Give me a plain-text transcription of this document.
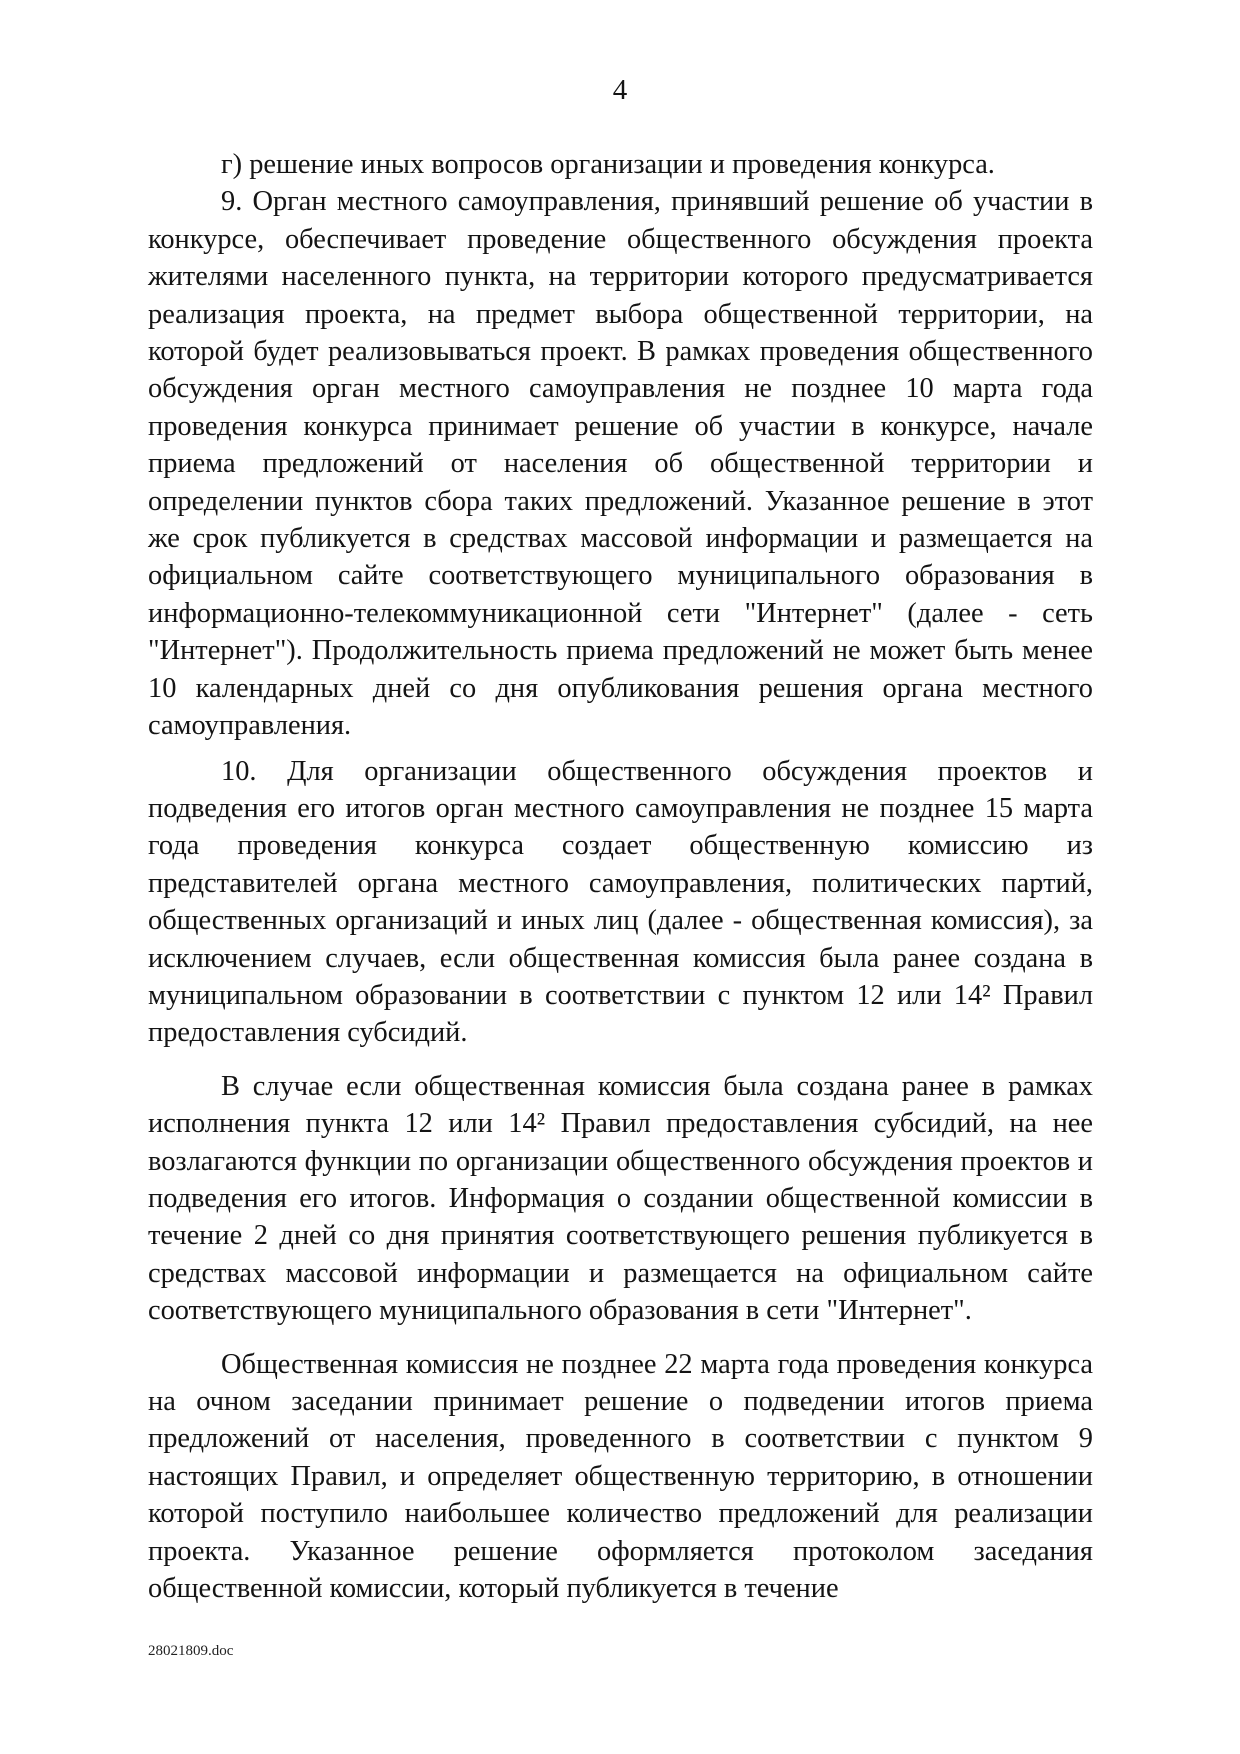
4

г) решение иных вопросов организации и проведения конкурса.

9. Орган местного самоуправления, принявший решение об участии в конкурсе, обеспечивает проведение общественного обсуждения проекта жителями населенного пункта, на территории которого предусматривается реализация проекта, на предмет выбора общественной территории, на которой будет реализовываться проект. В рамках проведения общественного обсуждения орган местного самоуправления не позднее 10 марта года проведения конкурса принимает решение об участии в конкурсе, начале приема предложений от населения об общественной территории и определении пунктов сбора таких предложений. Указанное решение в этот же срок публикуется в средствах массовой информации и размещается на официальном сайте соответствующего муниципального образования в информационно-телекоммуникационной сети "Интернет" (далее - сеть "Интернет"). Продолжительность приема предложений не может быть менее 10 календарных дней со дня опубликования решения органа местного самоуправления.

10. Для организации общественного обсуждения проектов и подведения его итогов орган местного самоуправления не позднее 15 марта года проведения конкурса создает общественную комиссию из представителей органа местного самоуправления, политических партий, общественных организаций и иных лиц (далее - общественная комиссия), за исключением случаев, если общественная комиссия была ранее создана в муниципальном образовании в соответствии с пунктом 12 или 14² Правил предоставления субсидий.

В случае если общественная комиссия была создана ранее в рамках исполнения пункта 12 или 14² Правил предоставления субсидий, на нее возлагаются функции по организации общественного обсуждения проектов и подведения его итогов. Информация о создании общественной комиссии в течение 2 дней со дня принятия соответствующего решения публикуется в средствах массовой информации и размещается на официальном сайте соответствующего муниципального образования в сети "Интернет".

Общественная комиссия не позднее 22 марта года проведения конкурса на очном заседании принимает решение о подведении итогов приема предложений от населения, проведенного в соответствии с пунктом 9 настоящих Правил, и определяет общественную территорию, в отношении которой поступило наибольшее количество предложений для реализации проекта. Указанное решение оформляется протоколом заседания общественной комиссии, который публикуется в течение

28021809.doc
